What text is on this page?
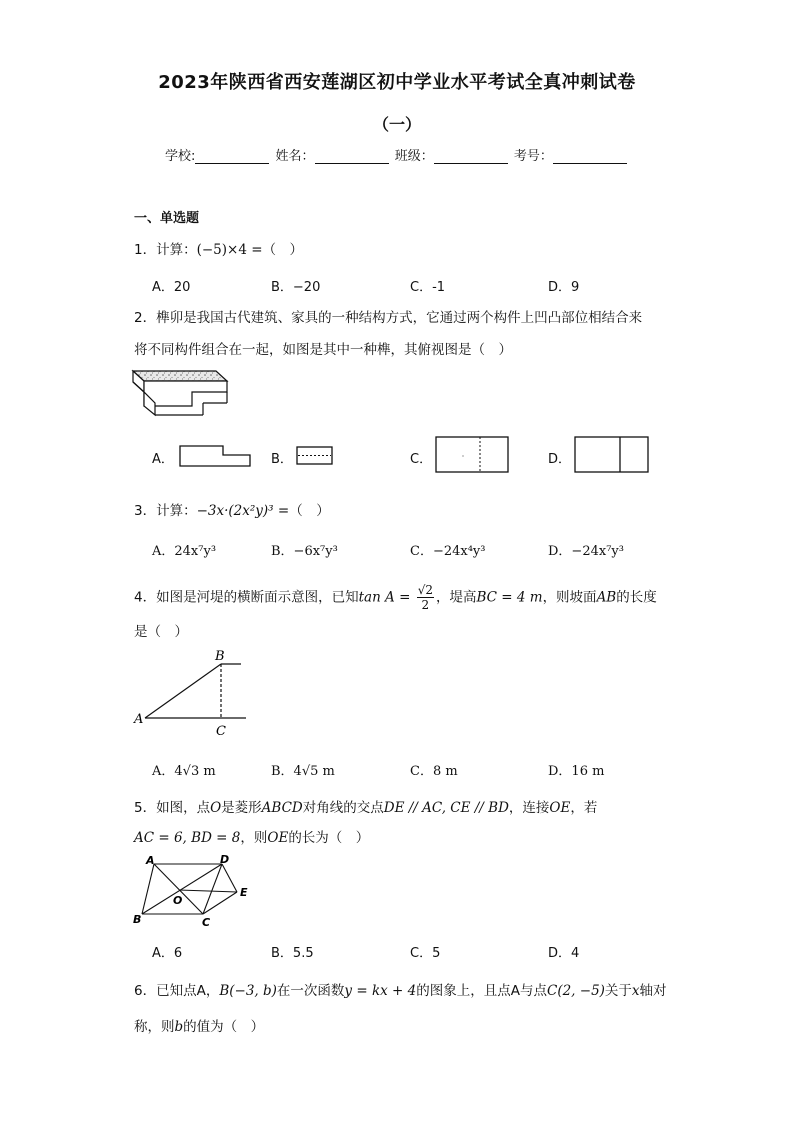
2023年陕西省西安莲湖区初中学业水平考试全真冲刺试卷
（一）
学校:	姓名：	班级：	考号：
一、单选题
1．计算：(−5)×4 =（　）
A．20	B．−20	C．-1	D．9
2．榫卯是我国古代建筑、家具的一种结构方式，它通过两个构件上凹凸部位相结合来
将不同构件组合在一起，如图是其中一种榫，其俯视图是（　）
A．	B．	C．	D．
3．计算：−3x·(2x²y)³ =（　）
A．24x⁷y³	B．−6x⁷y³	C．−24x⁴y³	D．−24x⁷y³
4．如图是河堤的横断面示意图，已知$\tan A = \frac{√2}{2}$ ，堤高BC = 4 m，则坡面AB的长度
是（　）
A
B
C
A．4√3 m	B．4√5 m	C．8 m	D．16 m
5．如图，点O是菱形ABCD对角线的交点DE // AC, CE // BD，连接OE，若
AC = 6, BD = 8，则OE的长为（　）
A	D
O
E
B	C
A．6	B．5.5	C．5	D．4
6．已知点A，B(−3, b)在一次函数y = kx + 4的图象上，且点A与点C(2, −5)关于x轴对
称，则b的值为（　）
